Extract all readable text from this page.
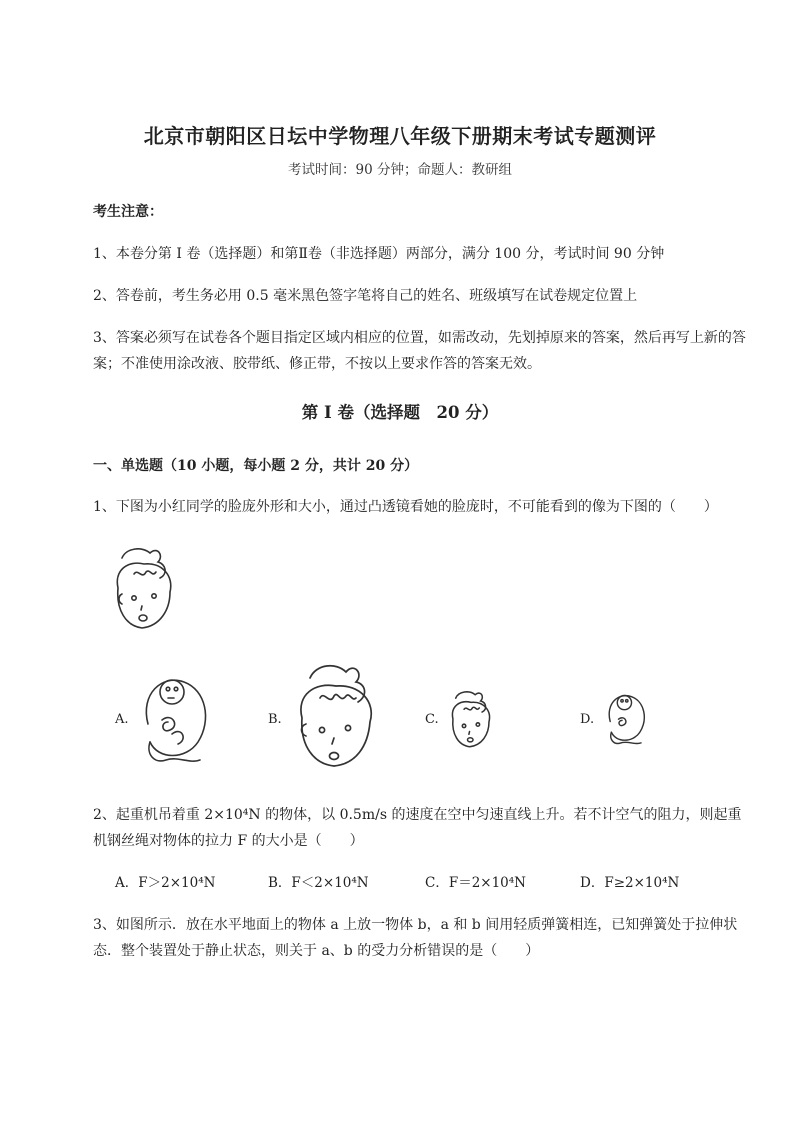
北京市朝阳区日坛中学物理八年级下册期末考试专题测评
考试时间：90 分钟；命题人：教研组
考生注意：
1、本卷分第 I 卷（选择题）和第Ⅱ卷（非选择题）两部分，满分 100 分，考试时间 90 分钟
2、答卷前，考生务必用 0.5 毫米黑色签字笔将自己的姓名、班级填写在试卷规定位置上
3、答案必须写在试卷各个题目指定区域内相应的位置，如需改动，先划掉原来的答案，然后再写上新的答案；不准使用涂改液、胶带纸、修正带，不按以上要求作答的答案无效。
第 I 卷（选择题　20 分）
一、单选题（10 小题，每小题 2 分，共计 20 分）
1、下图为小红同学的脸庞外形和大小，通过凸透镜看她的脸庞时，不可能看到的像为下图的（　　）
A.	B.	C.	D.
2、起重机吊着重 2×10⁴N 的物体，以 0.5m/s 的速度在空中匀速直线上升。若不计空气的阻力，则起重机钢丝绳对物体的拉力 F 的大小是（　　）
A．F＞2×10⁴N	B．F＜2×10⁴N	C．F＝2×10⁴N	D．F≥2×10⁴N
3、如图所示．放在水平地面上的物体 a 上放一物体 b，a 和 b 间用轻质弹簧相连，已知弹簧处于拉伸状态．整个装置处于静止状态，则关于 a、b 的受力分析错误的是（　　）
